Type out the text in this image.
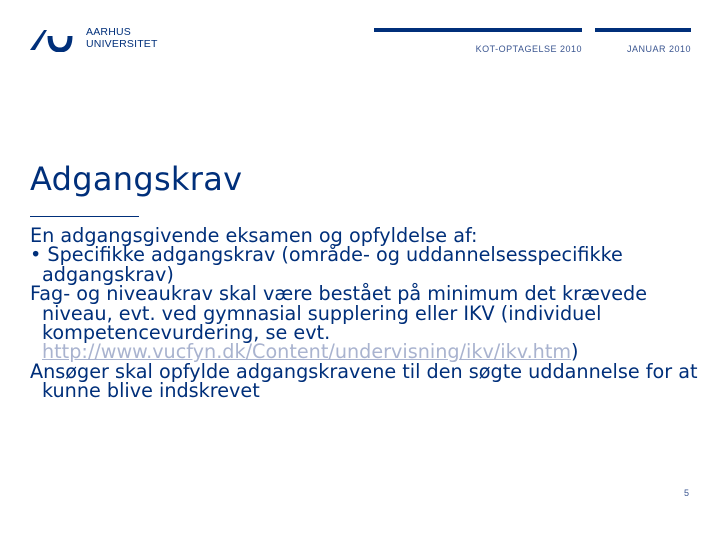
AARHUS
UNIVERSITET	KOT-OPTAGELSE 2010	JANUAR 2010
Adgangskrav

En adgangsgivende eksamen og opfyldelse af:

• Specifikke adgangskrav (område- og uddannelsesspecifikke adgangskrav)

Fag- og niveaukrav skal være bestået på minimum det krævede niveau, evt. ved gymnasial supplering eller IKV (individuel kompetencevurdering, se evt. http://www.vucfyn.dk/Content/undervisning/ikv/ikv.htm)

Ansøger skal opfylde adgangskravene til den søgte uddannelse for at kunne blive indskrevet

5
